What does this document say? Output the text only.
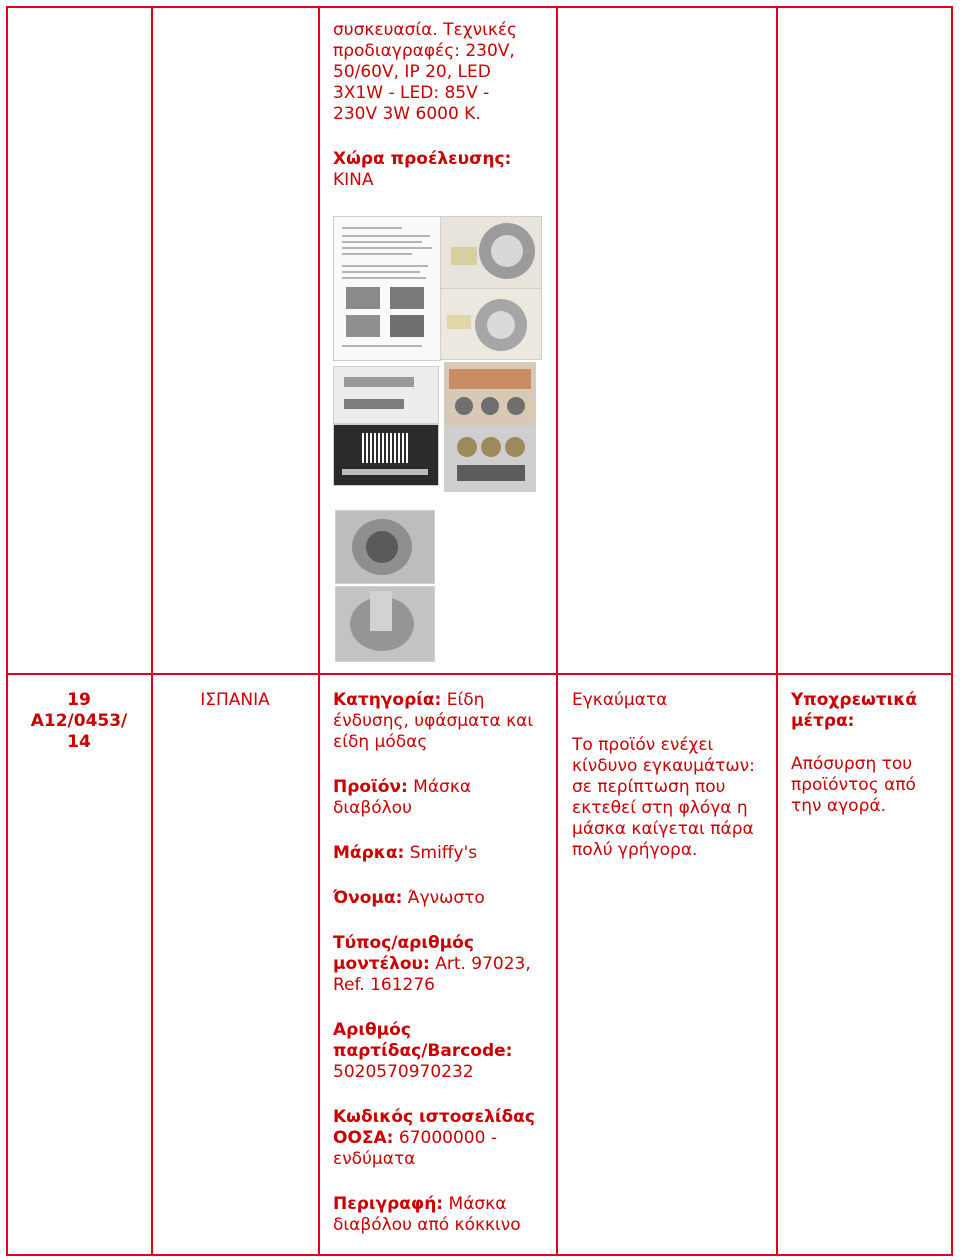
συσκευασία. Τεχνικές προδιαγραφές: 230V, 50/60V, IP 20, LED 3X1W - LED: 85V - 230V 3W 6000 K.
Χώρα προέλευσης:
ΚΙΝΑ
19
A12/0453/
14
ΙΣΠΑΝΙΑ	Κατηγορία: Είδη ένδυσης, υφάσματα και είδη μόδας
Προϊόν: Μάσκα διαβόλου
Μάρκα: Smiffy's
Όνομα: Άγνωστο
Τύπος/αριθμός μοντέλου: Art. 97023, Ref. 161276
Αριθμός παρτίδας/Barcode: 5020570970232
Κωδικός ιστοσελίδας ΟΟΣΑ: 67000000 - ενδύματα
Περιγραφή: Μάσκα διαβόλου από κόκκινο
Εγκαύματα
Το προϊόν ενέχει κίνδυνο εγκαυμάτων: σε περίπτωση που εκτεθεί στη φλόγα η μάσκα καίγεται πάρα πολύ γρήγορα.
Υποχρεωτικά μέτρα:
Απόσυρση του προϊόντος από την αγορά.
